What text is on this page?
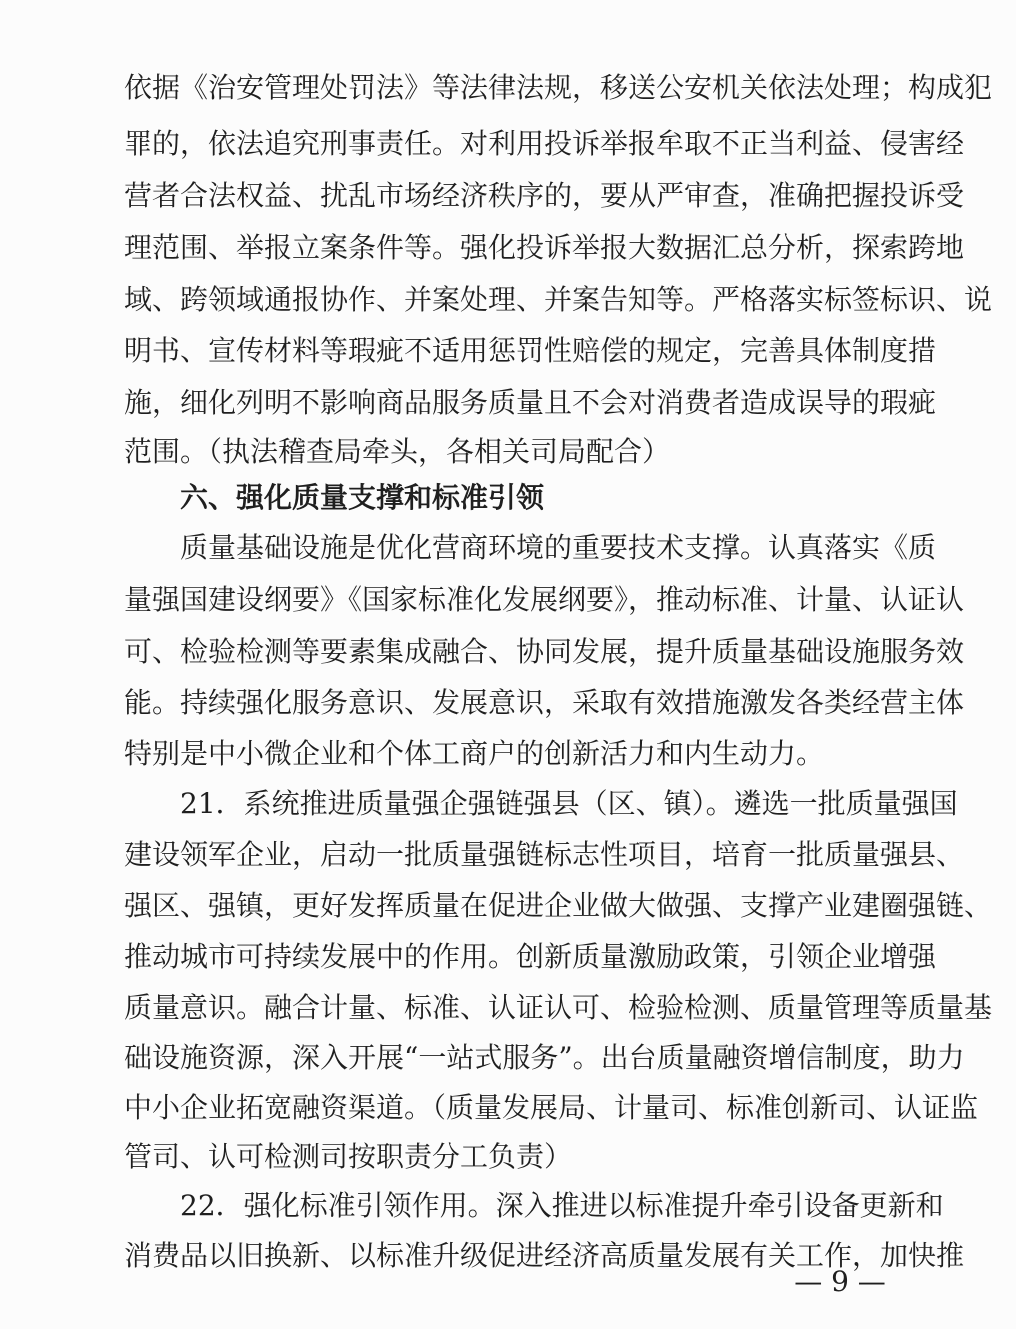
依据《治安管理处罚法》等法律法规，移送公安机关依法处理；构成犯
罪的，依法追究刑事责任。对利用投诉举报牟取不正当利益、侵害经
营者合法权益、扰乱市场经济秩序的，要从严审查，准确把握投诉受
理范围、举报立案条件等。强化投诉举报大数据汇总分析，探索跨地
域、跨领域通报协作、并案处理、并案告知等。严格落实标签标识、说
明书、宣传材料等瑕疵不适用惩罚性赔偿的规定，完善具体制度措
施，细化列明不影响商品服务质量且不会对消费者造成误导的瑕疵
范围。（执法稽查局牵头，各相关司局配合）
六、强化质量支撑和标准引领
质量基础设施是优化营商环境的重要技术支撑。认真落实《质
量强国建设纲要》《国家标准化发展纲要》，推动标准、计量、认证认
可、检验检测等要素集成融合、协同发展，提升质量基础设施服务效
能。持续强化服务意识、发展意识，采取有效措施激发各类经营主体
特别是中小微企业和个体工商户的创新活力和内生动力。
21．系统推进质量强企强链强县（区、镇）。遴选一批质量强国
建设领军企业，启动一批质量强链标志性项目，培育一批质量强县、
强区、强镇，更好发挥质量在促进企业做大做强、支撑产业建圈强链、
推动城市可持续发展中的作用。创新质量激励政策，引领企业增强
质量意识。融合计量、标准、认证认可、检验检测、质量管理等质量基
础设施资源，深入开展“一站式服务”。出台质量融资增信制度，助力
中小企业拓宽融资渠道。（质量发展局、计量司、标准创新司、认证监
管司、认可检测司按职责分工负责）
22．强化标准引领作用。深入推进以标准提升牵引设备更新和
消费品以旧换新、以标准升级促进经济高质量发展有关工作，加快推
— 9 —
